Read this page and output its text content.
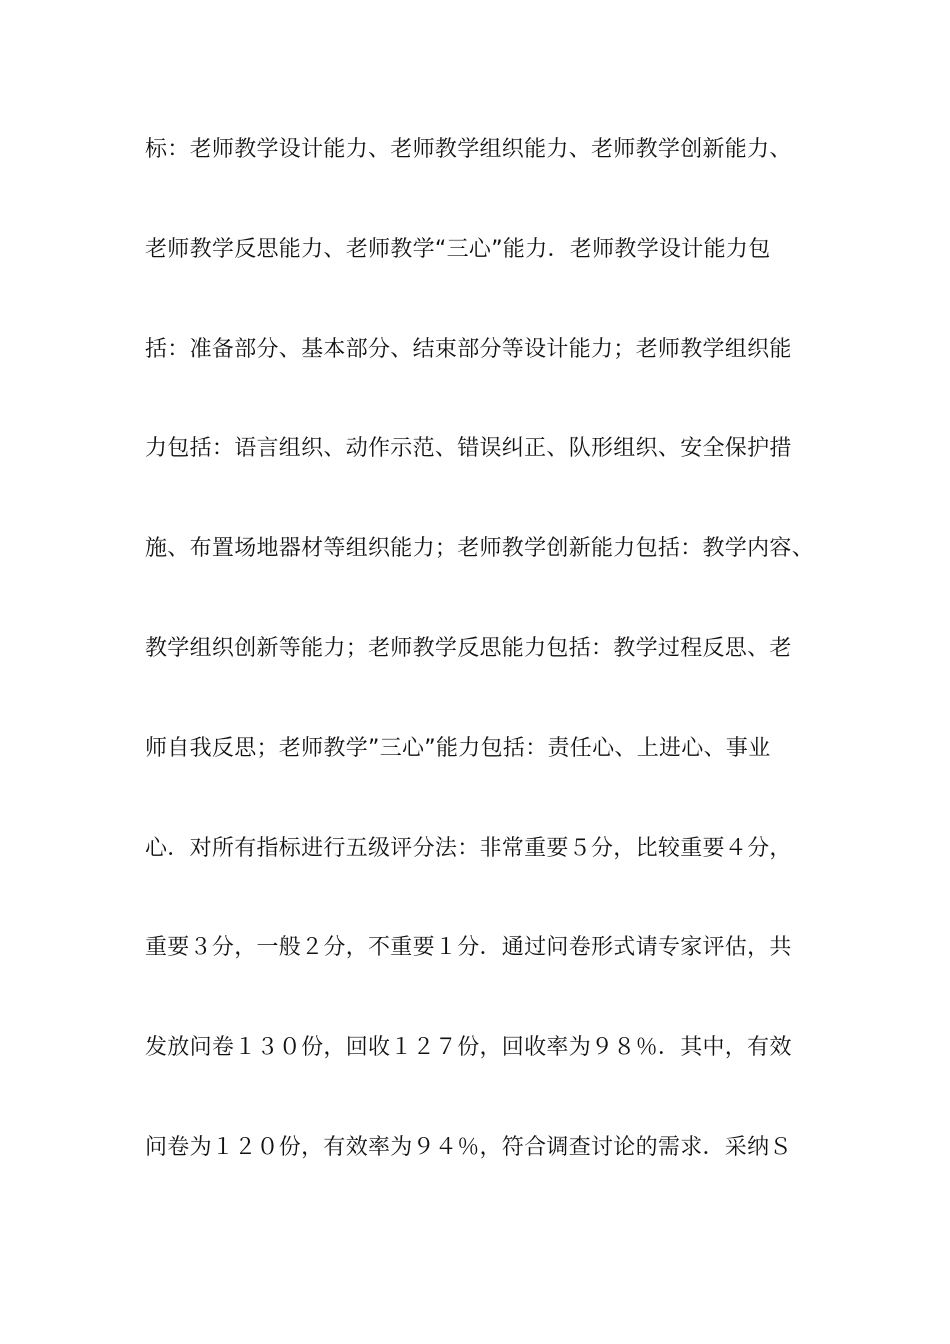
标：老师教学设计能力、老师教学组织能力、老师教学创新能力、
老师教学反思能力、老师教学“三心”能力．老师教学设计能力包
括：准备部分、基本部分、结束部分等设计能力；老师教学组织能
力包括：语言组织、动作示范、错误纠正、队形组织、安全保护措
施、布置场地器材等组织能力；老师教学创新能力包括：教学内容、
教学组织创新等能力；老师教学反思能力包括：教学过程反思、老
师自我反思；老师教学”三心”能力包括：责任心、上进心、事业
心．对所有指标进行五级评分法：非常重要５分，比较重要４分，
重要３分，一般２分，不重要１分．通过问卷形式请专家评估，共
发放问卷１３０份，回收１２７份，回收率为９８％．其中，有效
问卷为１２０份，有效率为９４％，符合调查讨论的需求．采纳Ｓ
